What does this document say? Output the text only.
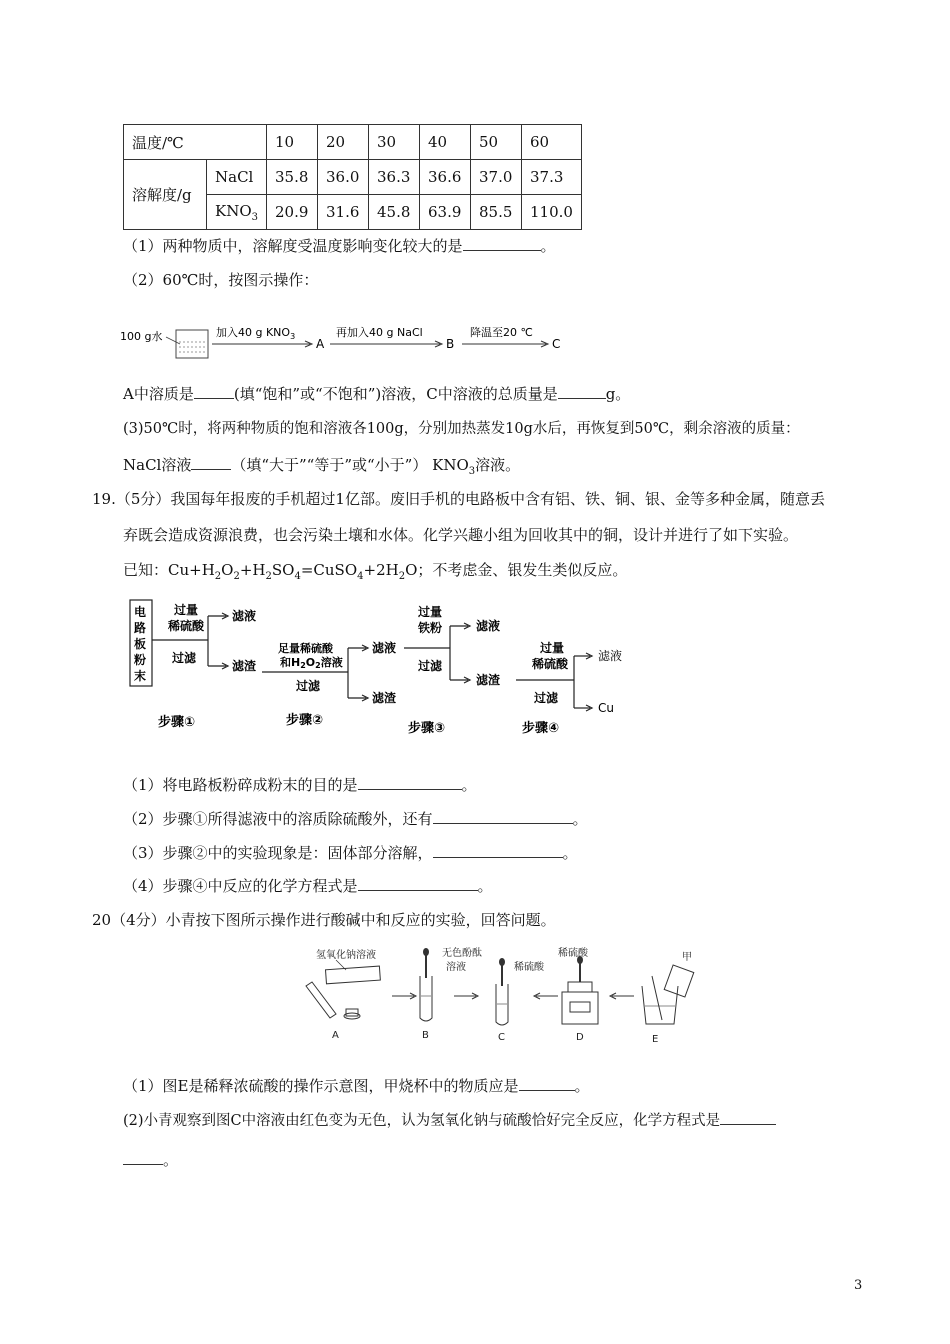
温度/℃		10	20	30	40	50	60
溶解度/g	NaCl	35.8	36.0	36.3	36.6	37.0	37.3
	$KNO_3$	20.9	31.6	45.8	63.9	85.5	110.0
（1）两种物质中，溶解度受温度影响变化较大的是	。
（2）60℃时，按图示操作：
100 g水	加入40 g $KNO_3$
A
再加入40 g NaCl
B
降温至20 ℃
C
A中溶质是	(填“饱和”或“不饱和”)溶液，C中溶液的总质量是	g。
(3)50℃时，将两种物质的饱和溶液各100g，分别加热蒸发10g水后，再恢复到50℃，剩余溶液的质量：
NaCl溶液	（填“大于”“等于”或“小于”） $KNO_3$溶液。
19.（5分）我国每年报废的手机超过1亿部。废旧手机的电路板中含有铝、铁、铜、银、金等多种金属，随意丢
弃既会造成资源浪费，也会污染土壤和水体。化学兴趣小组为回收其中的铜，设计并进行了如下实验。
已知：$Cu+H_2O_2+H_2SO_4=CuSO_4+2H_2O$；不考虑金、银发生类似反应。
电
路
板
粉
末
过量
稀硫酸
过滤
滤液
滤渣
足量稀硫酸
和H2O2溶液
过滤
滤液
滤渣
过量
铁粉
过滤
滤液
滤渣
过量
稀硫酸
过滤
滤液
Cu
步骤①	步骤②
步骤③	步骤④
（1）将电路板粉碎成粉末的目的是	。
（2）步骤①所得滤液中的溶质除硫酸外，还有	。
（3）步骤②中的实验现象是：固体部分溶解，	。
（4）步骤④中反应的化学方程式是	。
20（4分）小青按下图所示操作进行酸碱中和反应的实验，回答问题。
氢氧化钠溶液
A
无色酚酞
溶液
B
稀硫酸
C
稀硫酸
D
甲
E
（1）图E是稀释浓硫酸的操作示意图，甲烧杯中的物质应是	。
(2)小青观察到图C中溶液由红色变为无色，认为氢氧化钠与硫酸恰好完全反应，化学方程式是
。
3
